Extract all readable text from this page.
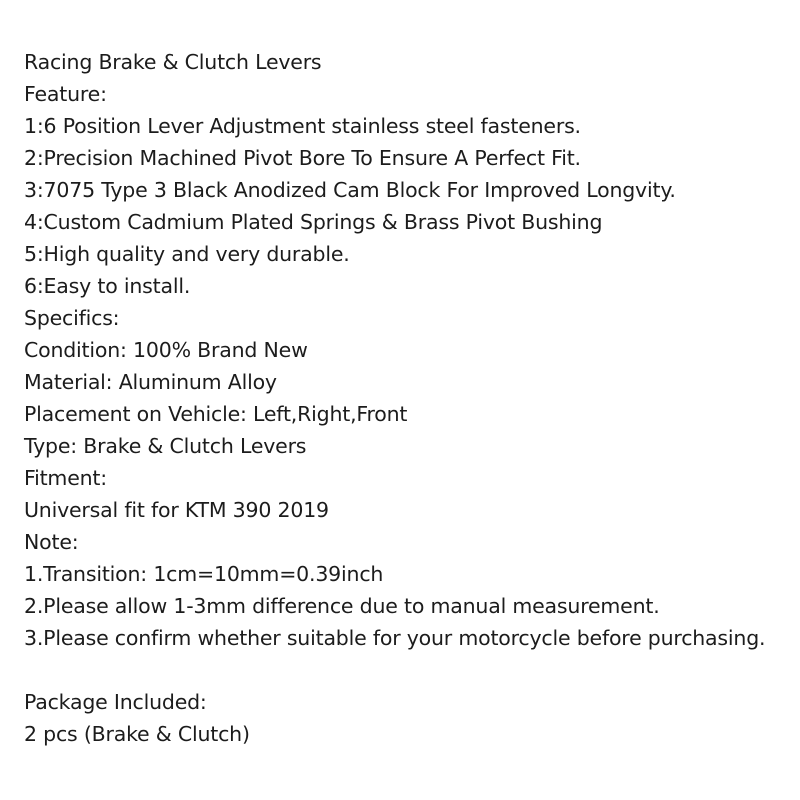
Racing Brake & Clutch Levers
Feature:
1:6 Position Lever Adjustment stainless steel fasteners.
2:Precision Machined Pivot Bore To Ensure A Perfect Fit.
3:7075 Type 3 Black Anodized Cam Block For Improved Longvity.
4:Custom Cadmium Plated Springs & Brass Pivot Bushing
5:High quality and very durable.
6:Easy to install.
Specifics:
Condition: 100% Brand New
Material: Aluminum Alloy
Placement on Vehicle: Left,Right,Front
Type: Brake & Clutch Levers
Fitment:
Universal fit for KTM 390 2019
Note:
1.Transition: 1cm=10mm=0.39inch
2.Please allow 1-3mm difference due to manual measurement.
3.Please confirm whether suitable for your motorcycle before purchasing.
Package Included:
2 pcs (Brake & Clutch)
